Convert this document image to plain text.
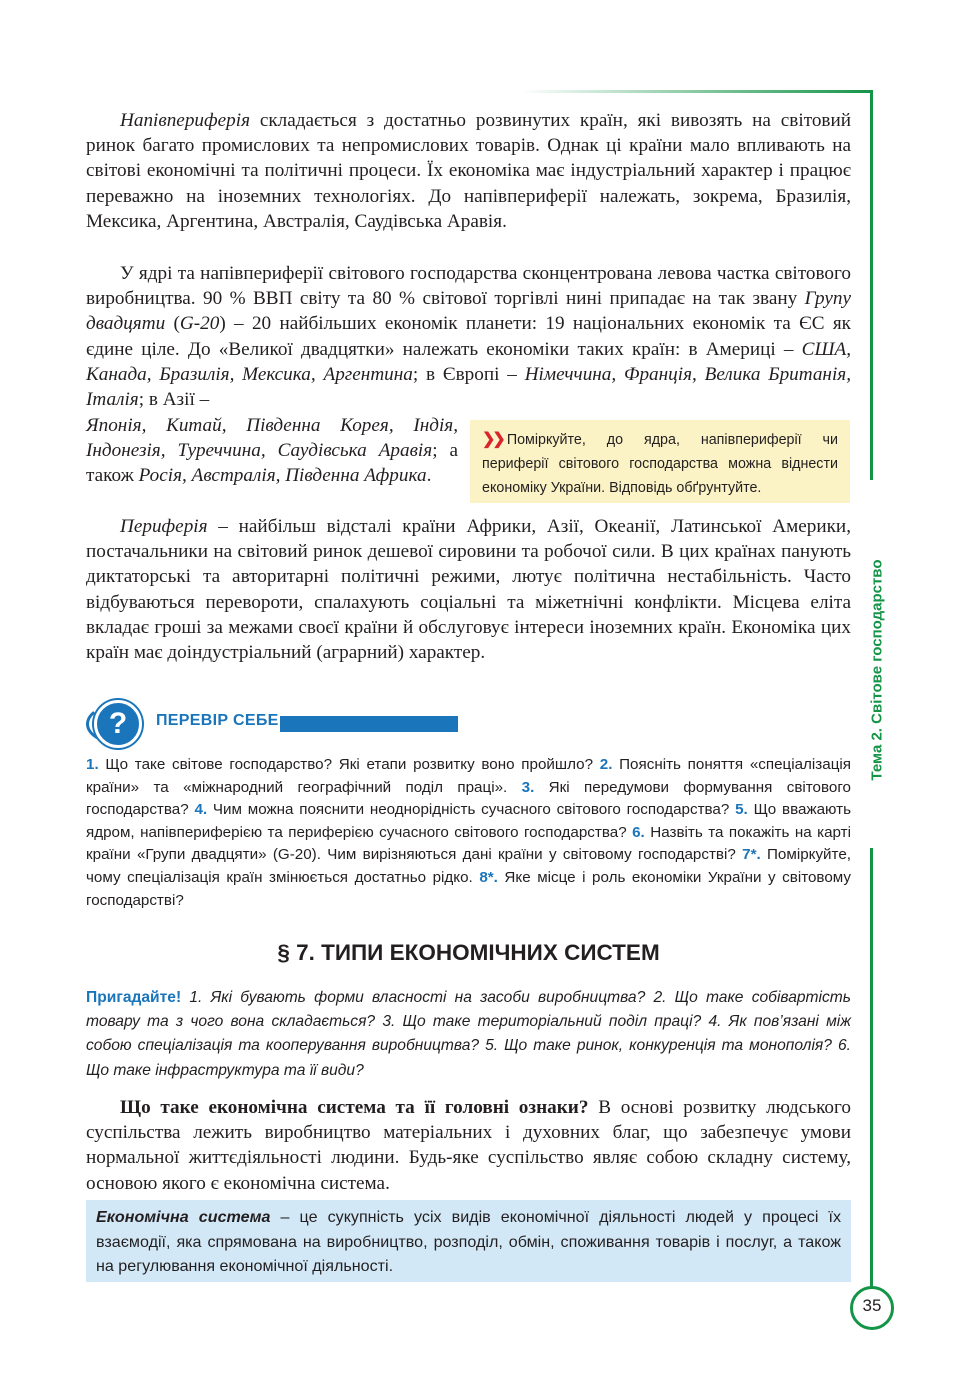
Тема 2. Світове господарство

Напівпериферія складається з достатньо розвинутих країн, які вивозять на світовий ринок багато промислових та непромислових товарів. Однак ці країни мало впливають на світові економічні та політичні процеси. Їх економіка має індустріальний характер і працює переважно на іноземних технологіях. До напівпериферії належать, зокрема, Бразилія, Мексика, Аргентина, Австралія, Саудівська Аравія.

У ядрі та напівпериферії світового господарства сконцентрована левова частка світового виробництва. 90 % ВВП світу та 80 % світової торгівлі нині припадає на так звану Групу двадцяти (G-20) – 20 найбільших економік планети: 19 національних економік та ЄС як єдине ціле. До «Великої двадцятки» належать економіки таких країн: в Америці – США, Канада, Бразилія, Мексика, Аргентина; в Європі – Німеччина, Франція, Велика Британія, Італія; в Азії –

Японія, Китай, Південна Корея, Індія, Індонезія, Туреччина, Саудівська Аравія; а також Росія, Австралія, Південна Африка.

❯❯ Поміркуйте, до ядра, напівпериферії чи периферії світового господарства можна віднести економіку України. Відповідь обґрунтуйте.

Периферія – найбільш відсталі країни Африки, Азії, Океанії, Латинської Америки, постачальники на світовий ринок дешевої сировини та робочої сили. В цих країнах панують диктаторські та авторитарні політичні режими, лютує політична нестабільність. Часто відбуваються перевороти, спалахують соціальні та міжетнічні конфлікти. Місцева еліта вкладає гроші за межами своєї країни й обслуговує інтереси іноземних країн. Економіка цих країн має доіндустріальний (аграрний) характер.

?	ПЕРЕВІР СЕБЕ
1. Що таке світове господарство? Які етапи розвитку воно пройшло? 2. Поясніть поняття «спеціалізація країни» та «міжнародний географічний поділ праці». 3. Які передумови формування світового господарства? 4. Чим можна пояснити неоднорідність сучасного світового господарства? 5. Що вважають ядром, напівпериферією та периферією сучасного світового господарства? 6. Назвіть та покажіть на карті країни «Групи двадцяти» (G-20). Чим вирізняються дані країни у світовому господарстві? 7*. Поміркуйте, чому спеціалізація країн змінюється достатньо рідко. 8*. Яке місце і роль економіки України у світовому господарстві?
§ 7. ТИПИ ЕКОНОМІЧНИХ СИСТЕМ
Пригадайте! 1. Які бувають форми власності на засоби виробництва? 2. Що таке собівартість товару та з чого вона складається? 3. Що таке територіальний поділ праці? 4. Як пов’язані між собою спеціалізація та кооперування виробництва? 5. Що таке ринок, конкуренція та монополія? 6. Що таке інфраструктура та її види?

Що таке економічна система та її головні ознаки? В основі розвитку людського суспільства лежить виробництво матеріальних і духовних благ, що забезпечує умови нормальної життєдіяльності людини. Будь-яке суспільство являє собою складну систему, основою якого є економічна система.

Економічна система – це сукупність усіх видів економічної діяльності людей у процесі їх взаємодії, яка спрямована на виробництво, розподіл, обмін, споживання товарів і послуг, а також на регулювання економічної діяльності.
35
